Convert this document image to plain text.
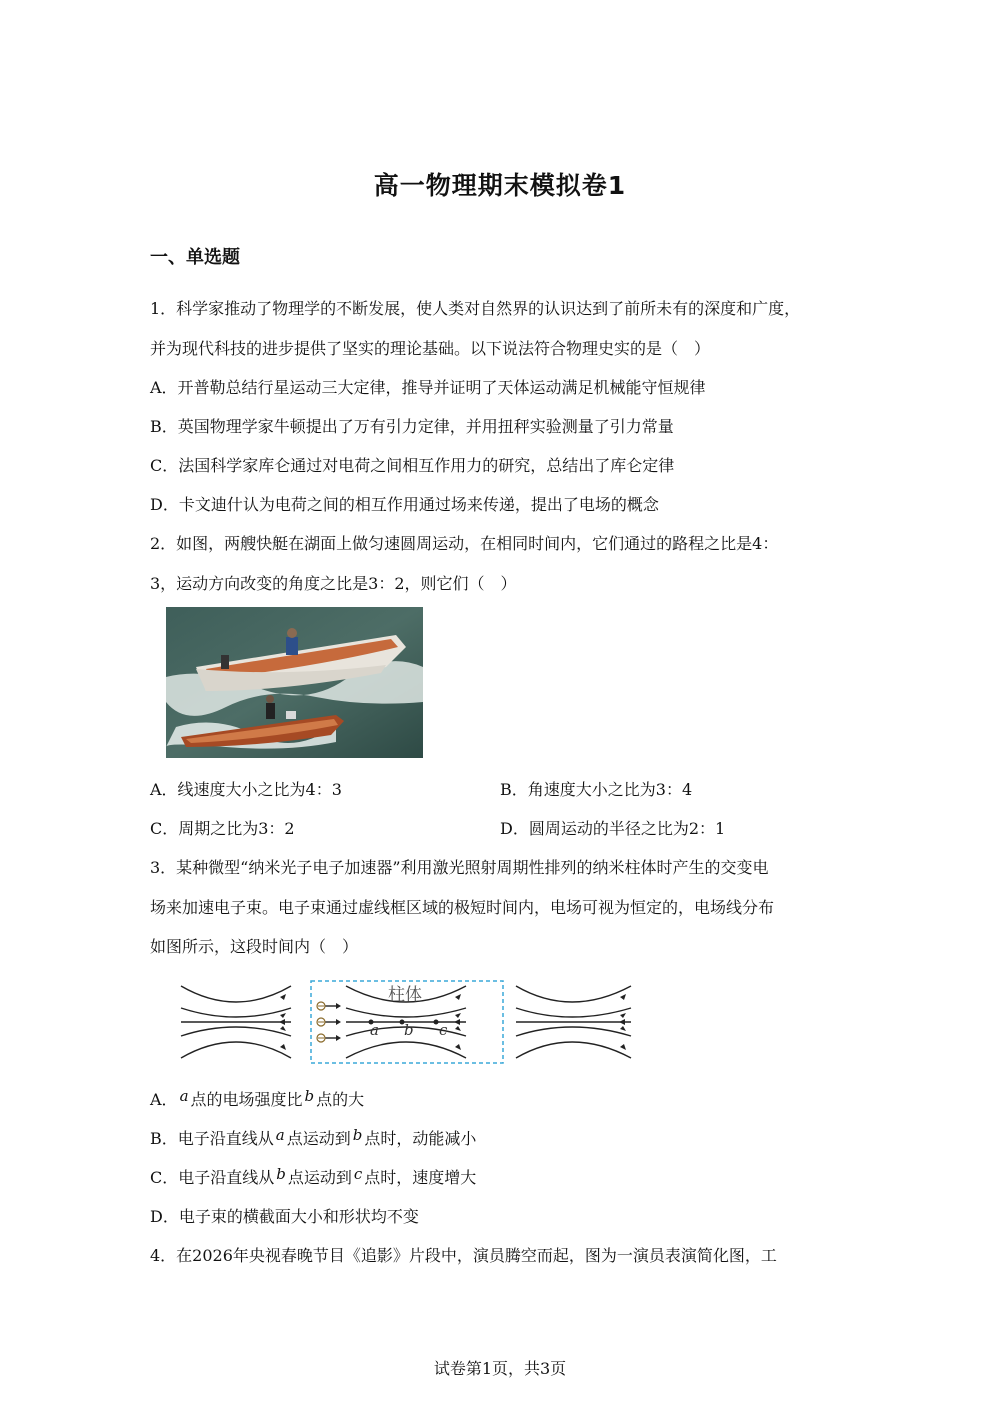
高一物理期末模拟卷1
一、单选题
1．科学家推动了物理学的不断发展，使人类对自然界的认识达到了前所未有的深度和广度，
并为现代科技的进步提供了坚实的理论基础。以下说法符合物理史实的是（　）
A．开普勒总结行星运动三大定律，推导并证明了天体运动满足机械能守恒规律
B．英国物理学家牛顿提出了万有引力定律，并用扭秤实验测量了引力常量
C．法国科学家库仑通过对电荷之间相互作用力的研究，总结出了库仑定律
D．卡文迪什认为电荷之间的相互作用通过场来传递，提出了电场的概念
2．如图，两艘快艇在湖面上做匀速圆周运动，在相同时间内，它们通过的路程之比是4：
3，运动方向改变的角度之比是3：2，则它们（　）
A．线速度大小之比为4：3	B．角速度大小之比为3：4
C．周期之比为3：2	D．圆周运动的半径之比为2：1
3．某种微型“纳米光子电子加速器”利用激光照射周期性排列的纳米柱体时产生的交变电
场来加速电子束。电子束通过虚线框区域的极短时间内，电场可视为恒定的，电场线分布
如图所示，这段时间内（　）
柱体
a b c
A． a 点的电场强度比 b 点的大
B．电子沿直线从 a 点运动到 b 点时，动能减小
C．电子沿直线从 b 点运动到 c 点时，速度增大
D．电子束的横截面大小和形状均不变
4．在2026年央视春晚节目《追影》片段中，演员腾空而起，图为一演员表演简化图，工
试卷第1页，共3页
